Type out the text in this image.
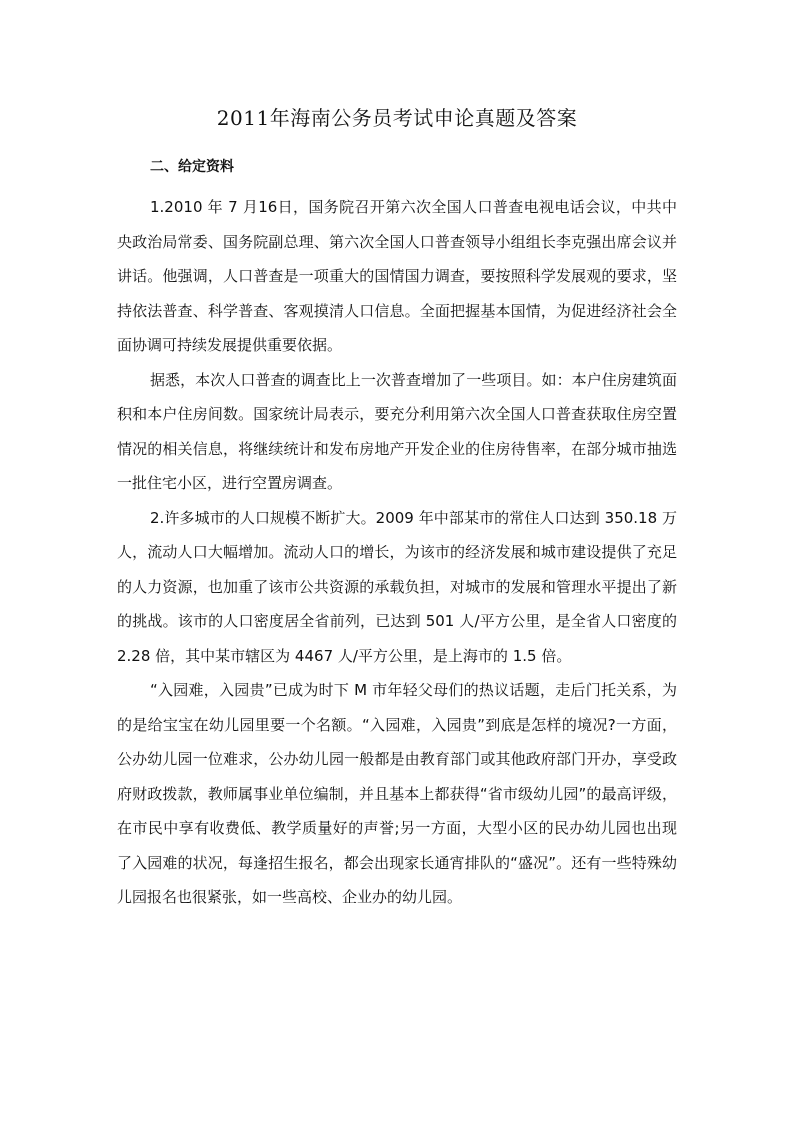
2011年海南公务员考试申论真题及答案
二、给定资料

1.2010 年 7 月16日，国务院召开第六次全国人口普查电视电话会议，中共中央政治局常委、国务院副总理、第六次全国人口普查领导小组组长李克强出席会议并讲话。他强调，人口普查是一项重大的国情国力调查，要按照科学发展观的要求，坚持依法普查、科学普查、客观摸清人口信息。全面把握基本国情，为促进经济社会全面协调可持续发展提供重要依据。

据悉，本次人口普查的调查比上一次普查增加了一些项目。如：本户住房建筑面积和本户住房间数。国家统计局表示，要充分利用第六次全国人口普查获取住房空置情况的相关信息，将继续统计和发布房地产开发企业的住房待售率，在部分城市抽选一批住宅小区，进行空置房调查。

2.许多城市的人口规模不断扩大。2009 年中部某市的常住人口达到 350.18 万人，流动人口大幅增加。流动人口的增长，为该市的经济发展和城市建设提供了充足的人力资源，也加重了该市公共资源的承载负担，对城市的发展和管理水平提出了新的挑战。该市的人口密度居全省前列，已达到 501 人/平方公里，是全省人口密度的 2.28 倍，其中某市辖区为 4467 人/平方公里，是上海市的 1.5 倍。

“入园难，入园贵”已成为时下 M 市年轻父母们的热议话题，走后门托关系，为的是给宝宝在幼儿园里要一个名额。“入园难，入园贵”到底是怎样的境况?一方面，公办幼儿园一位难求，公办幼儿园一般都是由教育部门或其他政府部门开办，享受政府财政拨款，教师属事业单位编制，并且基本上都获得“省市级幼儿园”的最高评级，在市民中享有收费低、教学质量好的声誉;另一方面，大型小区的民办幼儿园也出现了入园难的状况，每逢招生报名，都会出现家长通宵排队的“盛况”。还有一些特殊幼儿园报名也很紧张，如一些高校、企业办的幼儿园。
